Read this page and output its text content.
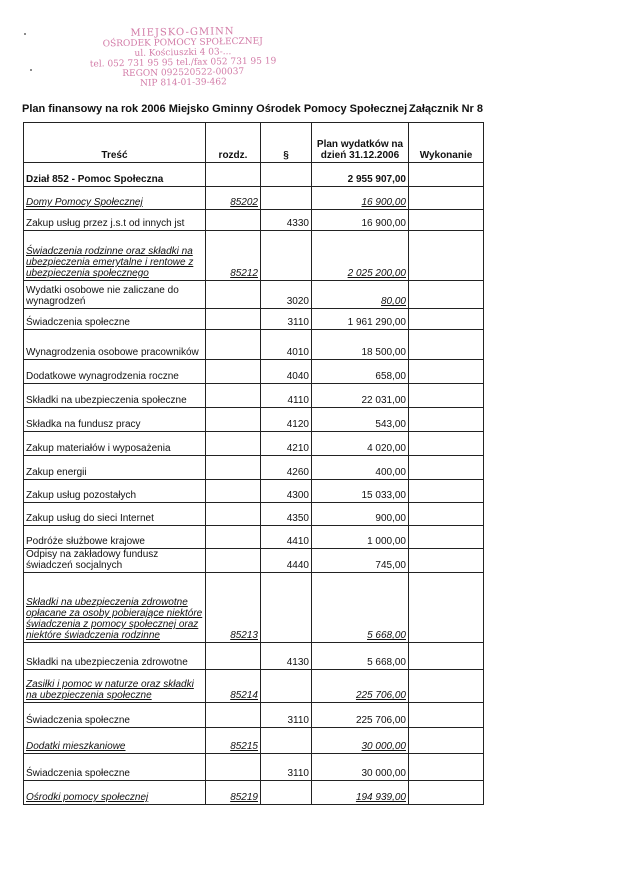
MIEJSKO-GMINN
OŚRODEK POMOCY SPOŁECZNEJ
ul. Kościuszki 4 03-...
tel. 052 731 95 95 tel./fax 052 731 95 19
REGON 092520522-00037
NIP 814-01-39-462
Plan finansowy na rok 2006 Miejsko Gminny Ośrodek Pomocy Społecznej Załącznik Nr 8
Treść	rozdz.	§	Plan wydatków na dzień 31.12.2006	Wykonanie
Dział 852 - Pomoc Społeczna			2 955 907,00	
Domy Pomocy Społecznej	85202		16 900,00	
Zakup usług przez j.s.t od innych jst		4330	16 900,00	
Świadczenia rodzinne oraz składki na ubezpieczenia emerytalne i rentowe z ubezpieczenia społecznego	85212		2 025 200,00	
Wydatki osobowe nie zaliczane do wynagrodzeń		3020	80,00	
Świadczenia społeczne		3110	1 961 290,00	
Wynagrodzenia osobowe pracowników		4010	18 500,00	
Dodatkowe wynagrodzenia roczne		4040	658,00	
Składki na ubezpieczenia społeczne		4110	22 031,00	
Składka na fundusz pracy		4120	543,00	
Zakup materiałów i wyposażenia		4210	4 020,00	
Zakup energii		4260	400,00	
Zakup usług pozostałych		4300	15 033,00	
Zakup usług do sieci Internet		4350	900,00	
Podróże służbowe krajowe		4410	1 000,00	
Odpisy na zakładowy fundusz świadczeń socjalnych		4440	745,00	
Składki na ubezpieczenia zdrowotne opłacane za osoby pobierające niektóre świadczenia z pomocy społecznej oraz niektóre świadczenia rodzinne	85213		5 668,00	
Składki na ubezpieczenia zdrowotne		4130	5 668,00	
Zasiłki i pomoc w naturze oraz składki na ubezpieczenia społeczne	85214		225 706,00	
Świadczenia społeczne		3110	225 706,00	
Dodatki mieszkaniowe	85215		30 000,00	
Świadczenia społeczne		3110	30 000,00	
Ośrodki pomocy społecznej	85219		194 939,00	
